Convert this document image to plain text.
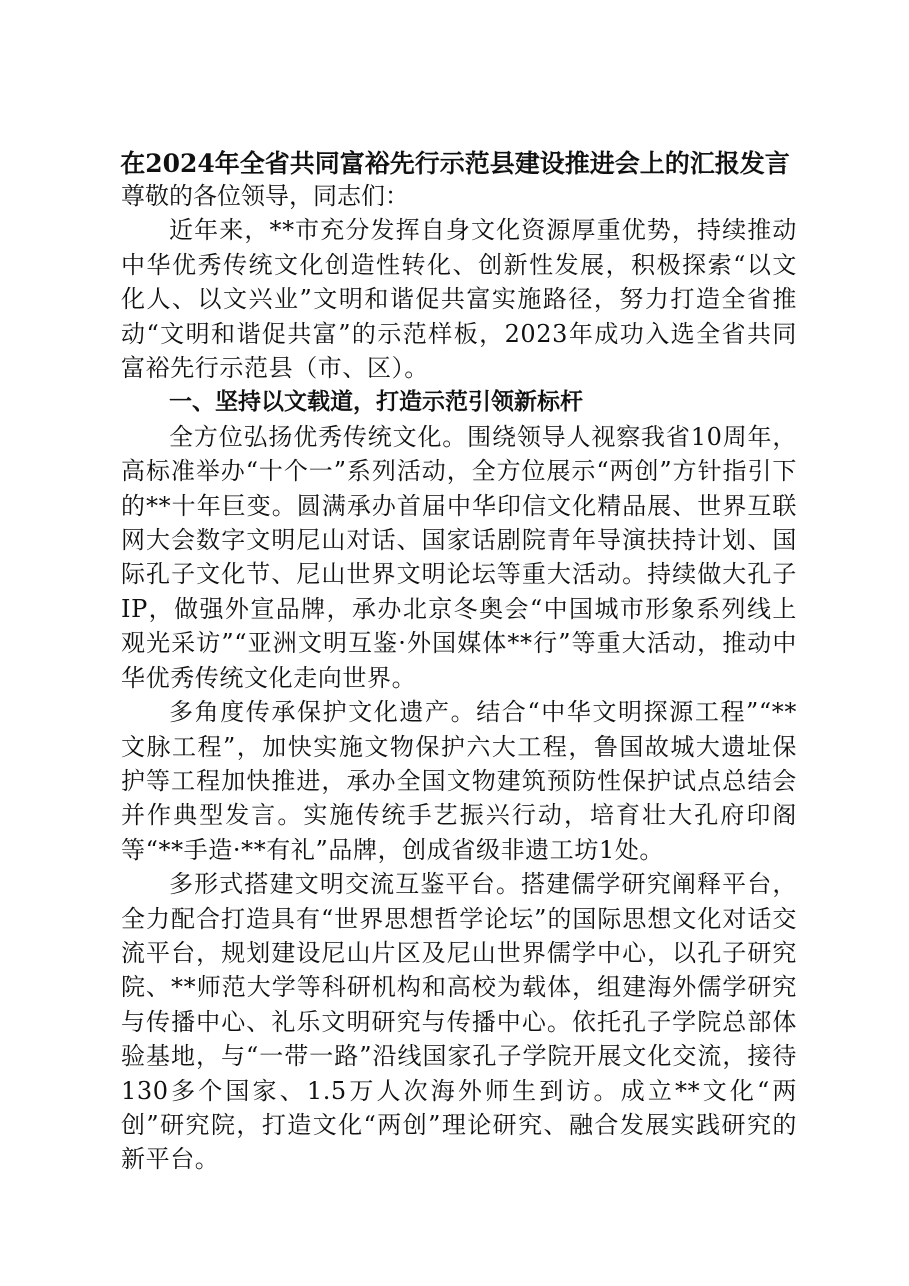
在2024年全省共同富裕先行示范县建设推进会上的汇报发言

尊敬的各位领导，同志们：

近年来，**市充分发挥自身文化资源厚重优势，持续推动中华优秀传统文化创造性转化、创新性发展，积极探索“以文化人、以文兴业”文明和谐促共富实施路径，努力打造全省推动“文明和谐促共富”的示范样板，2023年成功入选全省共同富裕先行示范县（市、区）。

一、坚持以文载道，打造示范引领新标杆

全方位弘扬优秀传统文化。围绕领导人视察我省10周年，高标准举办“十个一”系列活动，全方位展示“两创”方针指引下的**十年巨变。圆满承办首届中华印信文化精品展、世界互联网大会数字文明尼山对话、国家话剧院青年导演扶持计划、国际孔子文化节、尼山世界文明论坛等重大活动。持续做大孔子IP，做强外宣品牌，承办北京冬奥会“中国城市形象系列线上观光采访”“亚洲文明互鉴·外国媒体**行”等重大活动，推动中华优秀传统文化走向世界。

多角度传承保护文化遗产。结合“中华文明探源工程”“**文脉工程”，加快实施文物保护六大工程，鲁国故城大遗址保护等工程加快推进，承办全国文物建筑预防性保护试点总结会并作典型发言。实施传统手艺振兴行动，培育壮大孔府印阁等“**手造·**有礼”品牌，创成省级非遗工坊1处。

多形式搭建文明交流互鉴平台。搭建儒学研究阐释平台，全力配合打造具有“世界思想哲学论坛”的国际思想文化对话交流平台，规划建设尼山片区及尼山世界儒学中心，以孔子研究院、**师范大学等科研机构和高校为载体，组建海外儒学研究与传播中心、礼乐文明研究与传播中心。依托孔子学院总部体验基地，与“一带一路”沿线国家孔子学院开展文化交流，接待130多个国家、1.5万人次海外师生到访。成立**文化“两创”研究院，打造文化“两创”理论研究、融合发展实践研究的新平台。
